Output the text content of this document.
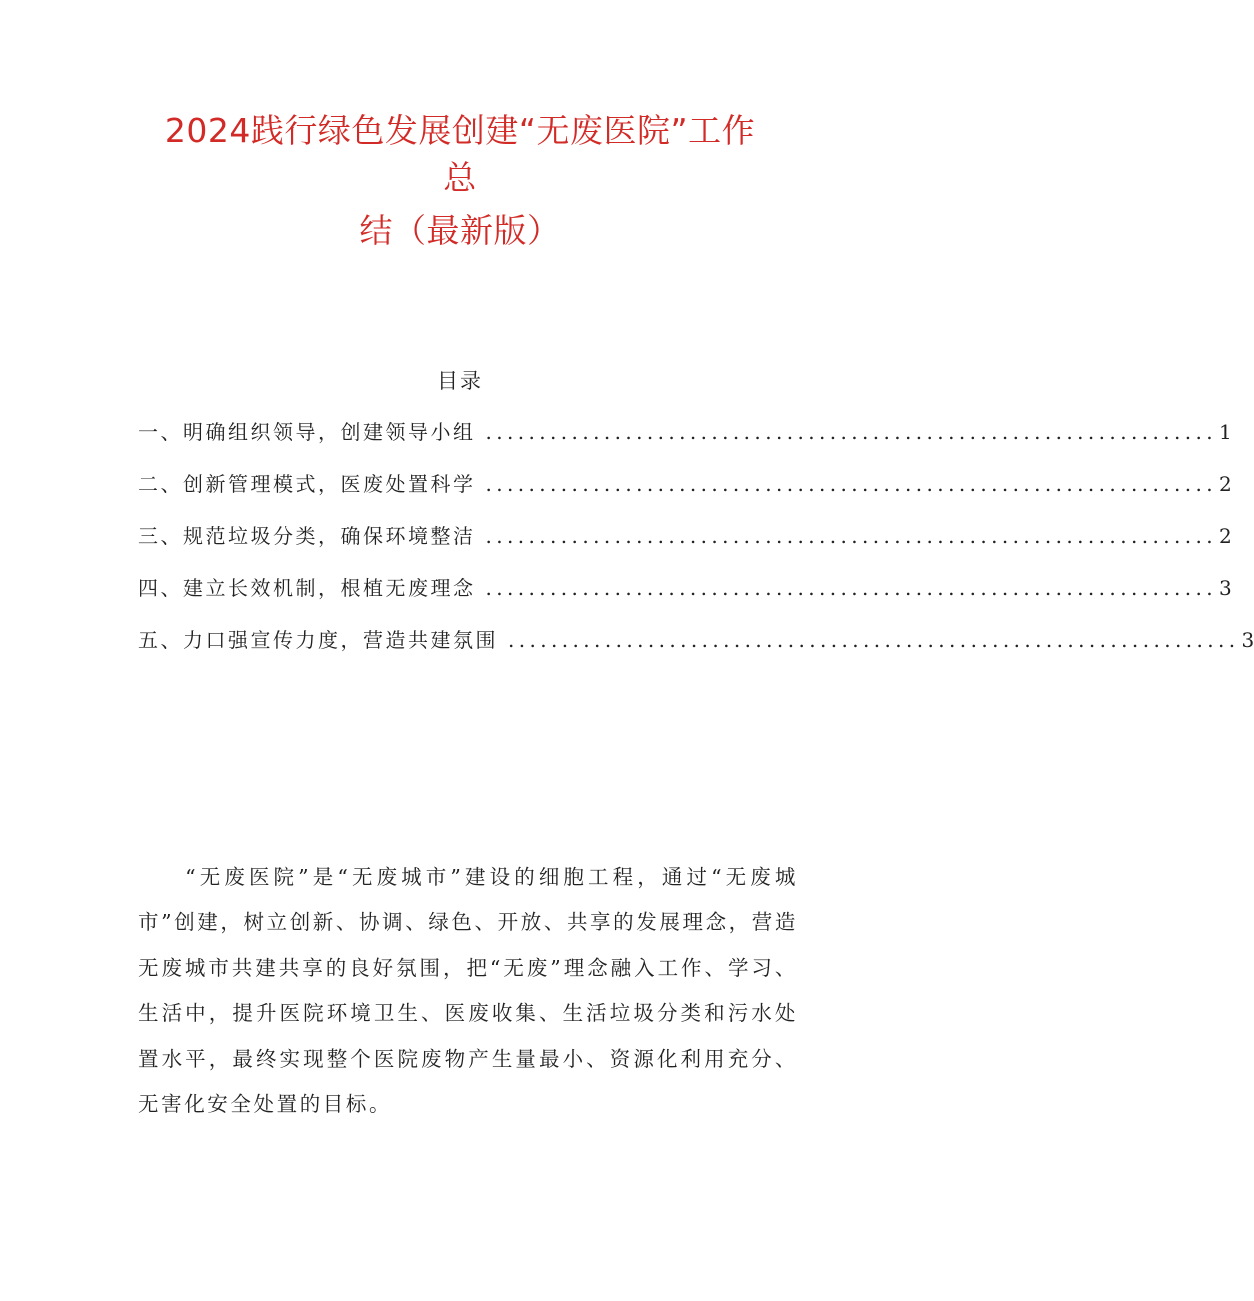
2024践行绿色发展创建“无废医院”工作
总
结（最新版）
目录
一、明确组织领导，创建领导小组 .................................................................... 1
二、创新管理模式，医废处置科学 .................................................................... 2
三、规范垃圾分类，确保环境整洁 .................................................................... 2
四、建立长效机制，根植无废理念 .................................................................... 3
五、力口强宣传力度，营造共建氛围 .................................................................... 3

“无废医院”是“无废城市”建设的细胞工程，通过“无废城市”创建，树立创新、协调、绿色、开放、共享的发展理念，营造无废城市共建共享的良好氛围，把“无废”理念融入工作、学习、生活中，提升医院环境卫生、医废收集、生活垃圾分类和污水处置水平，最终实现整个医院废物产生量最小、资源化利用充分、无害化安全处置的目标。
